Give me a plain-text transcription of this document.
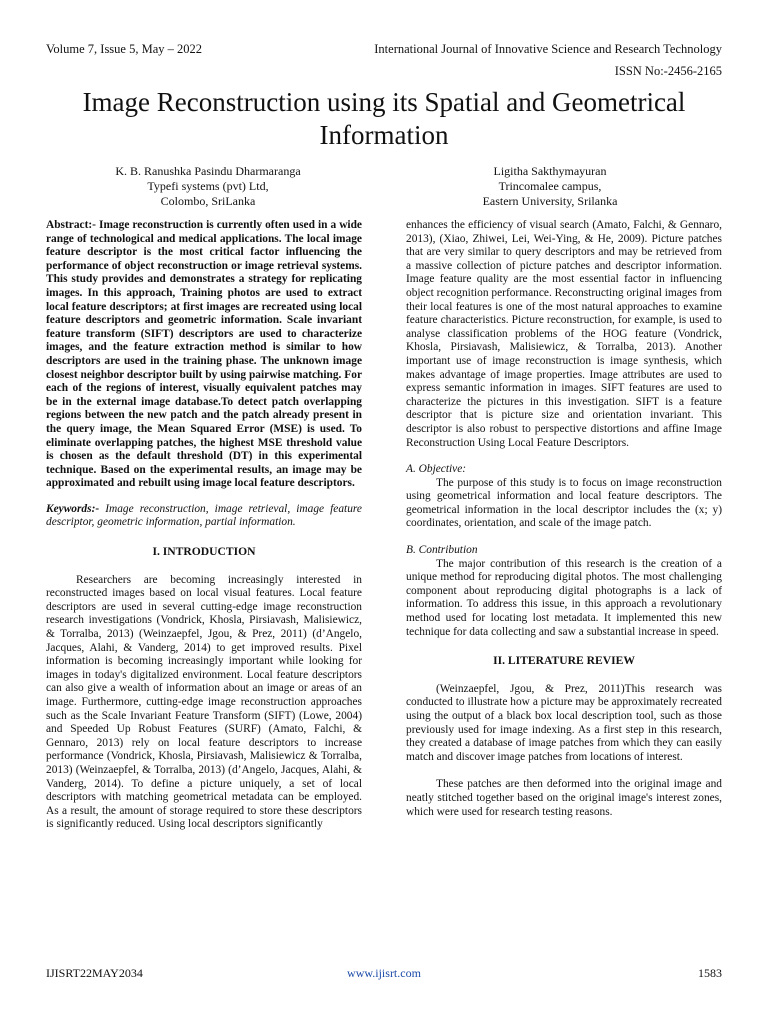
Volume 7, Issue 5, May – 2022	International Journal of Innovative Science and Research Technology
ISSN No:-2456-2165
Image Reconstruction using its Spatial and Geometrical Information
K. B. Ranushka Pasindu Dharmaranga
Typefi systems (pvt) Ltd,
Colombo, SriLanka
Ligitha Sakthymayuran
Trincomalee campus,
Eastern University, Srilanka

Abstract:- Image reconstruction is currently often used in a wide range of technological and medical applications. The local image feature descriptor is the most critical factor influencing the performance of object reconstruction or image retrieval systems. This study provides and demonstrates a strategy for replicating images. In this approach, Training photos are used to extract local feature descriptors; at first images are recreated using local feature descriptors and geometric information. Scale invariant feature transform (SIFT) descriptors are used to characterize images, and the feature extraction method is similar to how descriptors are used in the training phase. The unknown image closest neighbor descriptor built by using pairwise matching. For each of the regions of interest, visually equivalent patches may be in the external image database.To detect patch overlapping regions between the new patch and the patch already present in the query image, the Mean Squared Error (MSE) is used. To eliminate overlapping patches, the highest MSE threshold value is chosen as the default threshold (DT) in this experimental technique. Based on the experimental results, an image may be approximated and rebuilt using image local feature descriptors.

Keywords:- Image reconstruction, image retrieval, image feature descriptor, geometric information, partial information.

I. INTRODUCTION

Researchers are becoming increasingly interested in reconstructed images based on local visual features. Local feature descriptors are used in several cutting-edge image reconstruction research investigations (Vondrick, Khosla, Pirsiavash, Malisiewicz, & Torralba, 2013) (Weinzaepfel, Jgou, & Prez, 2011) (d’Angelo, Jacques, Alahi, & Vanderg, 2014) to get improved results. Pixel information is becoming increasingly important while looking for images in today's digitalized environment. Local feature descriptors can also give a wealth of information about an image or areas of an image. Furthermore, cutting-edge image reconstruction approaches such as the Scale Invariant Feature Transform (SIFT) (Lowe, 2004) and Speeded Up Robust Features (SURF) (Amato, Falchi, & Gennaro, 2013) rely on local feature descriptors to increase performance (Vondrick, Khosla, Pirsiavash, Malisiewicz & Torralba, 2013) (Weinzaepfel, & Torralba, 2013) (d’Angelo, Jacques, Alahi, & Vanderg, 2014). To define a picture uniquely, a set of local descriptors with matching geometrical metadata can be employed. As a result, the amount of storage required to store these descriptors is significantly reduced. Using local descriptors significantly

enhances the efficiency of visual search (Amato, Falchi, & Gennaro, 2013), (Xiao, Zhiwei, Lei, Wei-Ying, & He, 2009). Picture patches that are very similar to query descriptors and may be retrieved from a massive collection of picture patches and descriptor information. Image feature quality are the most essential factor in influencing object recognition performance. Reconstructing original images from their local features is one of the most natural approaches to examine feature characteristics. Picture reconstruction, for example, is used to analyse classification problems of the HOG feature (Vondrick, Khosla, Pirsiavash, Malisiewicz, & Torralba, 2013). Another important use of image reconstruction is image synthesis, which makes advantage of image properties. Image attributes are used to express semantic information in images. SIFT features are used to characterize the pictures in this investigation. SIFT is a feature descriptor that is picture size and orientation invariant. This descriptor is also robust to perspective distortions and affine Image Reconstruction Using Local Feature Descriptors.

A. Objective:

The purpose of this study is to focus on image reconstruction using geometrical information and local feature descriptors. The geometrical information in the local descriptor includes the (x; y) coordinates, orientation, and scale of the image patch.

B. Contribution

The major contribution of this research is the creation of a unique method for reproducing digital photos. The most challenging component about reproducing digital photographs is a lack of information. To address this issue, in this approach a revolutionary method used for locating lost metadata. It implemented this new technique for data collecting and saw a substantial increase in speed.

II. LITERATURE REVIEW

(Weinzaepfel, Jgou, & Prez, 2011)This research was conducted to illustrate how a picture may be approximately recreated using the output of a black box local description tool, such as those previously used for image indexing. As a first step in this research, they created a database of image patches from which they can easily match and discover image patches from locations of interest.

These patches are then deformed into the original image and neatly stitched together based on the original image's interest zones, which were used for research testing reasons.

IJISRT22MAY2034	www.ijisrt.com	1583
